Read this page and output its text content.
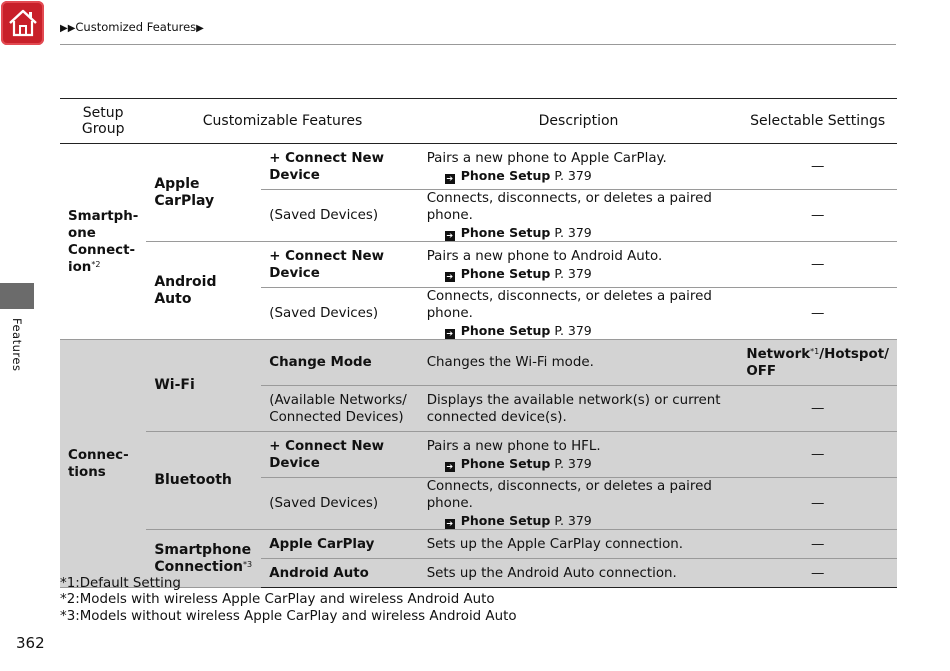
▶▶Customized Features▶
Features
Setup Group	Customizable Features		Description	Selectable Settings
Smartph-
one
Connect-
ion$^{*2}$	Apple CarPlay	+ Connect New Device	Pairs a new phone to Apple CarPlay.
➔ Phone Setup P. 379	—
		(Saved Devices)	Connects, disconnects, or deletes a paired phone.
➔ Phone Setup P. 379	—
	Android Auto	+ Connect New Device	Pairs a new phone to Android Auto.
➔ Phone Setup P. 379	—
		(Saved Devices)	Connects, disconnects, or deletes a paired phone.
➔ Phone Setup P. 379	—
Connec-
tions	Wi-Fi	Change Mode	Changes the Wi-Fi mode.	Network$^{*1}$/Hotspot/ OFF
		(Available Networks/ Connected Devices)	Displays the available network(s) or current connected device(s).	—
	Bluetooth	+ Connect New Device	Pairs a new phone to HFL.
➔ Phone Setup P. 379	—
		(Saved Devices)	Connects, disconnects, or deletes a paired phone.
➔ Phone Setup P. 379	—
	Smartphone Connection$^{*3}$	Apple CarPlay	Sets up the Apple CarPlay connection.	—
		Android Auto	Sets up the Android Auto connection.	—
*1:Default Setting
*2:Models with wireless Apple CarPlay and wireless Android Auto
*3:Models without wireless Apple CarPlay and wireless Android Auto
362
